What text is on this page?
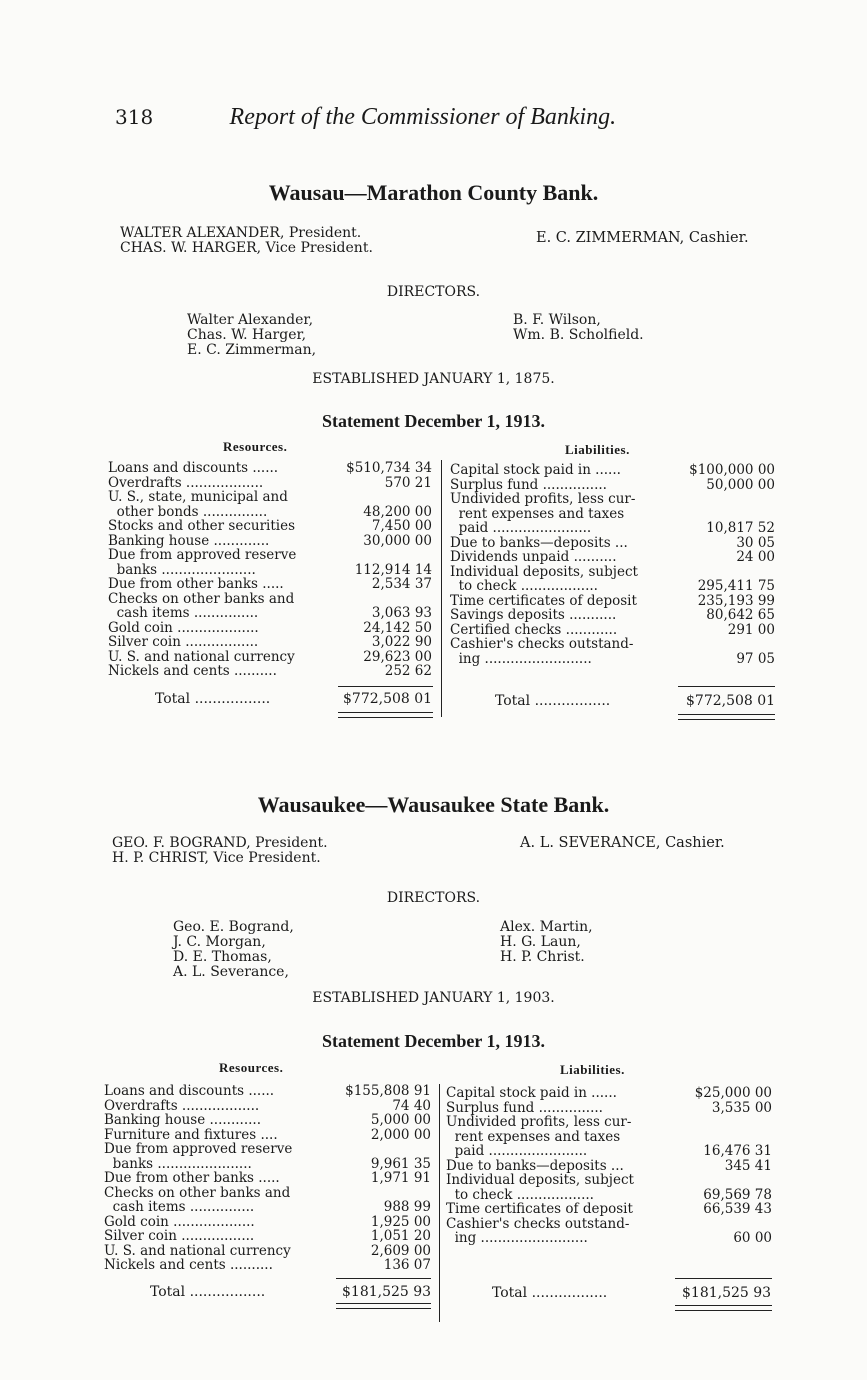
318	Report of the Commissioner of Banking.
Wausau—Marathon County Bank.
WALTER ALEXANDER, President.
CHAS. W. HARGER, Vice President.
E. C. ZIMMERMAN, Cashier.
DIRECTORS.
Walter Alexander,
Chas. W. Harger,
E. C. Zimmerman,
B. F. Wilson,
Wm. B. Scholfield.
ESTABLISHED JANUARY 1, 1875.
Statement December 1, 1913.
Resources.	Liabilities.
Loans and discounts ......	$510,734 34
Overdrafts ..................	570 21
U. S., state, municipal and
other bonds ...............	48,200 00
Stocks and other securities	7,450 00
Banking house .............	30,000 00
Due from approved reserve
banks ......................	112,914 14
Due from other banks .....	2,534 37
Checks on other banks and
cash items ...............	3,063 93
Gold coin ...................	24,142 50
Silver coin .................	3,022 90
U. S. and national currency	29,623 00
Nickels and cents ..........	252 62
Capital stock paid in ......	$100,000 00
Surplus fund ...............	50,000 00
Undivided profits, less cur-
rent expenses and taxes
paid .......................	10,817 52
Due to banks—deposits ...	30 05
Dividends unpaid ..........	24 00
Individual deposits, subject
to check ..................	295,411 75
Time certificates of deposit	235,193 99
Savings deposits ...........	80,642 65
Certified checks ............	291 00
Cashier's checks outstand-
ing .........................	97 05
Total .................	$772,508 01	Total .................	$772,508 01
Wausaukee—Wausaukee State Bank.
GEO. F. BOGRAND, President.
H. P. CHRIST, Vice President.
A. L. SEVERANCE, Cashier.
DIRECTORS.
Geo. E. Bogrand,
J. C. Morgan,
D. E. Thomas,
A. L. Severance,
Alex. Martin,
H. G. Laun,
H. P. Christ.
ESTABLISHED JANUARY 1, 1903.
Statement December 1, 1913.
Resources.	Liabilities.
Loans and discounts ......	$155,808 91
Overdrafts ..................	74 40
Banking house ............	5,000 00
Furniture and fixtures ....	2,000 00
Due from approved reserve
banks ......................	9,961 35
Due from other banks .....	1,971 91
Checks on other banks and
cash items ...............	988 99
Gold coin ...................	1,925 00
Silver coin .................	1,051 20
U. S. and national currency	2,609 00
Nickels and cents ..........	136 07
Capital stock paid in ......	$25,000 00
Surplus fund ...............	3,535 00
Undivided profits, less cur-
rent expenses and taxes
paid .......................	16,476 31
Due to banks—deposits ...	345 41
Individual deposits, subject
to check ..................	69,569 78
Time certificates of deposit	66,539 43
Cashier's checks outstand-
ing .........................	60 00
Total .................	$181,525 93	Total .................	$181,525 93
